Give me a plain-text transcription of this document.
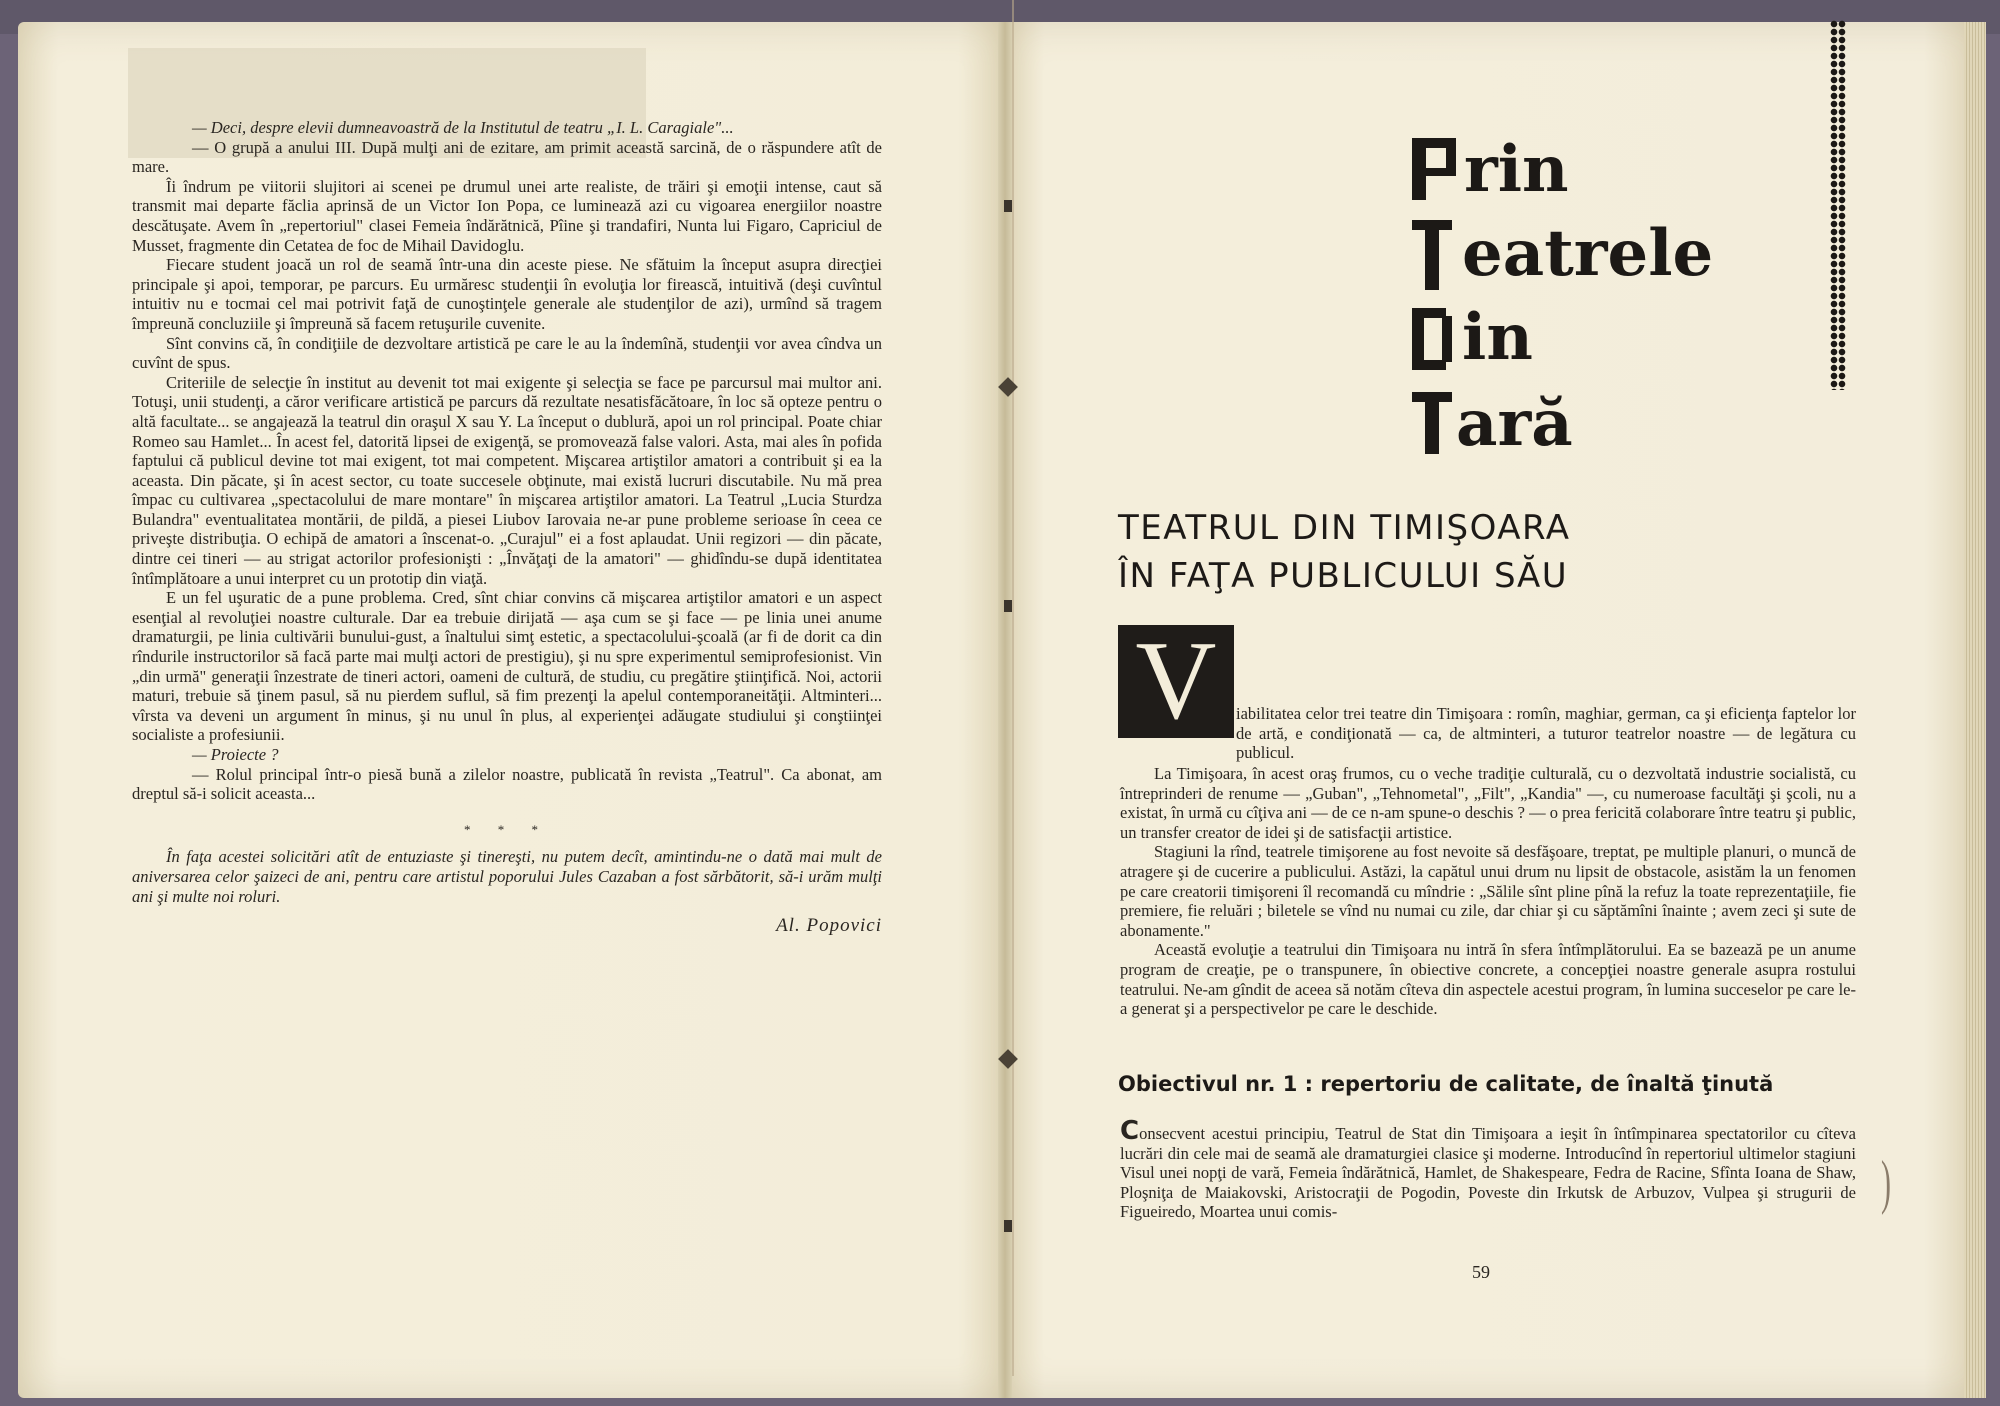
— Deci, despre elevii dumneavoastră de la Institutul de teatru „I. L. Caragiale"...

— O grupă a anului III. După mulţi ani de ezitare, am primit această sarcină, de o răspundere atît de mare.

Îi îndrum pe viitorii slujitori ai scenei pe drumul unei arte realiste, de trăiri şi emoţii intense, caut să transmit mai departe făclia aprinsă de un Victor Ion Popa, ce luminează azi cu vigoarea energiilor noastre descătuşate. Avem în „repertoriul" clasei Femeia îndărătnică, Pîine şi trandafiri, Nunta lui Figaro, Capriciul de Musset, fragmente din Cetatea de foc de Mihail Davidoglu.

Fiecare student joacă un rol de seamă într-una din aceste piese. Ne sfătuim la început asupra direcţiei principale şi apoi, temporar, pe parcurs. Eu urmăresc studenţii în evoluţia lor firească, intuitivă (deşi cuvîntul intuitiv nu e tocmai cel mai potrivit faţă de cunoştinţele generale ale studenţilor de azi), urmînd să tragem împreună concluziile şi împreună să facem retuşurile cuvenite.

Sînt convins că, în condiţiile de dezvoltare artistică pe care le au la îndemînă, studenţii vor avea cîndva un cuvînt de spus.

Criteriile de selecţie în institut au devenit tot mai exigente şi selecţia se face pe parcursul mai multor ani. Totuşi, unii studenţi, a căror verificare artistică pe parcurs dă rezultate nesatisfăcătoare, în loc să opteze pentru o altă facultate... se angajează la teatrul din oraşul X sau Y. La început o dublură, apoi un rol principal. Poate chiar Romeo sau Hamlet... În acest fel, datorită lipsei de exigenţă, se promovează false valori. Asta, mai ales în pofida faptului că publicul devine tot mai exigent, tot mai competent. Mişcarea artiştilor amatori a contribuit şi ea la aceasta. Din păcate, şi în acest sector, cu toate succesele obţinute, mai există lucruri discutabile. Nu mă prea împac cu cultivarea „spectacolului de mare montare" în mişcarea artiştilor amatori. La Teatrul „Lucia Sturdza Bulandra" eventualitatea montării, de pildă, a piesei Liubov Iarovaia ne-ar pune probleme serioase în ceea ce priveşte distribuţia. O echipă de amatori a înscenat-o. „Curajul" ei a fost aplaudat. Unii regizori — din păcate, dintre cei tineri — au strigat actorilor profesionişti : „Învăţaţi de la amatori" — ghidîndu-se după identitatea întîmplătoare a unui interpret cu un prototip din viaţă.

E un fel uşuratic de a pune problema. Cred, sînt chiar convins că mişcarea artiştilor amatori e un aspect esenţial al revoluţiei noastre culturale. Dar ea trebuie dirijată — aşa cum se şi face — pe linia unei anume dramaturgii, pe linia cultivării bunului-gust, a înaltului simţ estetic, a spectacolului-şcoală (ar fi de dorit ca din rîndurile instructorilor să facă parte mai mulţi actori de prestigiu), şi nu spre experimentul semiprofesionist. Vin „din urmă" generaţii înzestrate de tineri actori, oameni de cultură, de studiu, cu pregătire ştiinţifică. Noi, actorii maturi, trebuie să ţinem pasul, să nu pierdem suflul, să fim prezenţi la apelul contemporaneităţii. Altminteri... vîrsta va deveni un argument în minus, şi nu unul în plus, al experienţei adăugate studiului şi conştiinţei socialiste a profesiunii.

— Proiecte ?

— Rolul principal într-o piesă bună a zilelor noastre, publicată în revista „Teatrul". Ca abonat, am dreptul să-i solicit aceasta...

* * *

În faţa acestei solicitări atît de entuziaste şi tinereşti, nu putem decît, amintindu-ne o dată mai mult de aniversarea celor şaizeci de ani, pentru care artistul poporului Jules Cazaban a fost sărbătorit, să-i urăm mulţi ani şi multe noi roluri.

Al. Popovici
rin
eatrele
in
ară
TEATRUL DIN TIMIŞOARA
ÎN FAŢA PUBLICULUI SĂU
V	iabilitatea celor trei teatre din Timişoara : romîn, maghiar, german, ca şi eficienţa faptelor lor de artă, e condiţionată — ca, de altminteri, a tuturor teatrelor noastre — de legătura cu publicul.

La Timişoara, în acest oraş frumos, cu o veche tradiţie culturală, cu o dezvoltată industrie socialistă, cu întreprinderi de renume — „Guban", „Tehnometal", „Filt", „Kandia" —, cu numeroase facultăţi şi şcoli, nu a existat, în urmă cu cîţiva ani — de ce n-am spune-o deschis ? — o prea fericită colaborare între teatru şi public, un transfer creator de idei şi de satisfacţii artistice.

Stagiuni la rînd, teatrele timişorene au fost nevoite să desfăşoare, treptat, pe multiple planuri, o muncă de atragere şi de cucerire a publicului. Astăzi, la capătul unui drum nu lipsit de obstacole, asistăm la un fenomen pe care creatorii timişoreni îl recomandă cu mîndrie : „Sălile sînt pline pînă la refuz la toate reprezentaţiile, fie premiere, fie reluări ; biletele se vînd nu numai cu zile, dar chiar şi cu săptămîni înainte ; avem zeci şi sute de abonamente."

Această evoluţie a teatrului din Timişoara nu intră în sfera întîmplătorului. Ea se bazează pe un anume program de creaţie, pe o transpunere, în obiective concrete, a concepţiei noastre generale asupra rostului teatrului. Ne-am gîndit de aceea să notăm cîteva din aspectele acestui program, în lumina succeselor pe care le-a generat şi a perspectivelor pe care le deschide.

Obiectivul nr. 1 : repertoriu de calitate, de înaltă ţinută

Consecvent acestui principiu, Teatrul de Stat din Timişoara a ieşit în întîmpinarea spectatorilor cu cîteva lucrări din cele mai de seamă ale dramaturgiei clasice şi moderne. Introducînd în repertoriul ultimelor stagiuni Visul unei nopţi de vară, Femeia îndărătnică, Hamlet, de Shakespeare, Fedra de Racine, Sfînta Ioana de Shaw, Ploşniţa de Maiakovski, Aristocraţii de Pogodin, Poveste din Irkutsk de Arbuzov, Vulpea şi strugurii de Figueiredo, Moartea unui comis-	)
59
